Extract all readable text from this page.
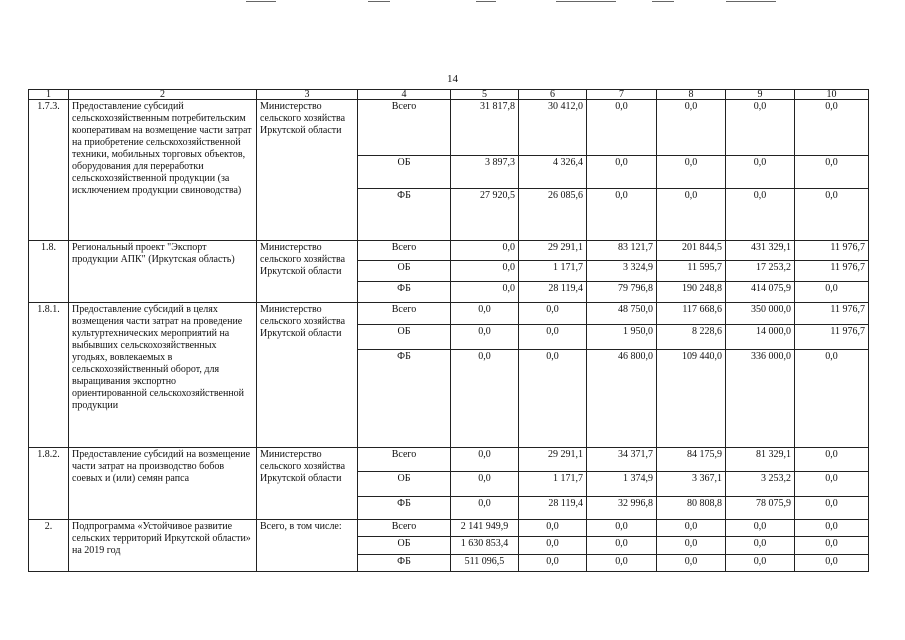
14
1	2	3	4	5	6	7	8	9	10
1.7.3.	Предоставление субсидий сельскохозяйственным потребительским кооперативам на возмещение части затрат на приобретение сельскохозяйственной техники, мобильных торговых объектов, оборудования для переработки сельскохозяйственной продукции (за исключением продукции свиноводства)	Министерство сельского хозяйства Иркутской области	Всего	31 817,8	30 412,0	0,0	0,0	0,0	0,0
			ОБ	3 897,3	4 326,4	0,0	0,0	0,0	0,0
			ФБ	27 920,5	26 085,6	0,0	0,0	0,0	0,0
1.8.	Региональный проект "Экспорт продукции АПК" (Иркутская область)	Министерство сельского хозяйства Иркутской области	Всего	0,0	29 291,1	83 121,7	201 844,5	431 329,1	11 976,7
			ОБ	0,0	1 171,7	3 324,9	11 595,7	17 253,2	11 976,7
			ФБ	0,0	28 119,4	79 796,8	190 248,8	414 075,9	0,0
1.8.1.	Предоставление субсидий в целях возмещения части затрат на проведение культуртехнических мероприятий на выбывших сельскохозяйственных угодьях, вовлекаемых в сельскохозяйственный оборот, для выращивания экспортно ориентированной сельскохозяйственной продукции	Министерство сельского хозяйства Иркутской области	Всего	0,0	0,0	48 750,0	117 668,6	350 000,0	11 976,7
			ОБ	0,0	0,0	1 950,0	8 228,6	14 000,0	11 976,7
			ФБ	0,0	0,0	46 800,0	109 440,0	336 000,0	0,0
1.8.2.	Предоставление субсидий на возмещение части затрат на производство бобов соевых и (или) семян рапса	Министерство сельского хозяйства Иркутской области	Всего	0,0	29 291,1	34 371,7	84 175,9	81 329,1	0,0
			ОБ	0,0	1 171,7	1 374,9	3 367,1	3 253,2	0,0
			ФБ	0,0	28 119,4	32 996,8	80 808,8	78 075,9	0,0
2.	Подпрограмма «Устойчивое развитие сельских территорий Иркутской области» на 2019 год	Всего, в том числе:	Всего	2 141 949,9	0,0	0,0	0,0	0,0	0,0
			ОБ	1 630 853,4	0,0	0,0	0,0	0,0	0,0
			ФБ	511 096,5	0,0	0,0	0,0	0,0	0,0
